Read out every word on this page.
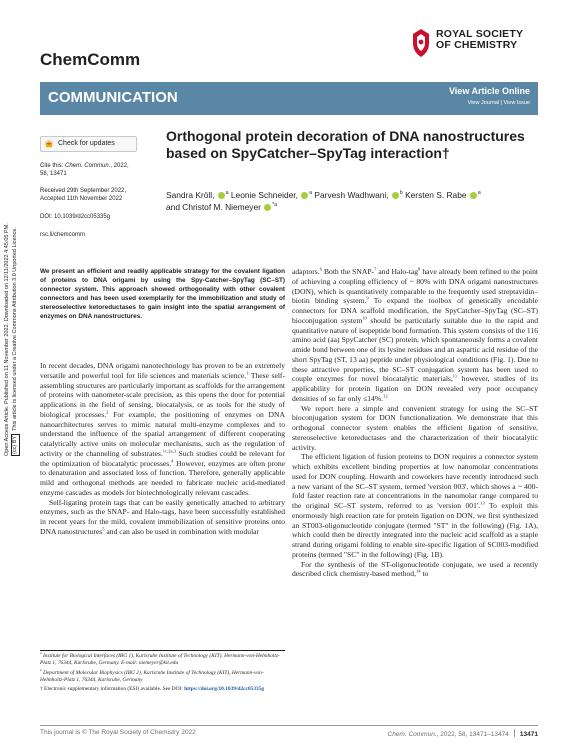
ROYAL SOCIETY
OF CHEMISTRY
ChemComm
COMMUNICATION	View Article Online
View Journal | View Issue
Open Access Article. Published on 11 November 2022. Downloaded on 12/11/2022 4:45:05 PM. (cc) BYThis article is licensed under a Creative Commons Attribution 3.0 Unported Licence.
Check for updates
Cite this: Chem. Commun., 2022,
58, 13471
Received 29th September 2022,
Accepted 11th November 2022
DOI: 10.1039/d2cc05335g
rsc.li/chemcomm
Orthogonal protein decoration of DNA nanostructures based on SpyCatcher–SpyTag interaction†
Sandra Kröll, $^a$ Leonie Schneider, $^a$ Parvesh Wadhwani, $^b$ Kersten S. Rabe $^a$
and Christof M. Niemeyer $^{*a}$
We present an efficient and readily applicable strategy for the covalent ligation of proteins to DNA origami by using the Spy-Catcher–SpyTag (SC–ST) connector system. This approach showed orthogonality with other covalent connectors and has been used exemplarily for the immobilization and study of stereoselective ketoreductases to gain insight into the spatial arrangement of enzymes on DNA nanostructures.

In recent decades, DNA origami nanotechnology has proven to be an extremely versatile and powerful tool for life sciences and materials science.$^1$ These self-assembling structures are particularly important as scaffolds for the arrangement of proteins with nanometer-scale precision, as this opens the door for potential applications in the field of sensing, biocatalysis, or as tools for the study of biological processes.$^2$ For example, the positioning of enzymes on DNA nanoarchitectures serves to mimic natural multi-enzyme complexes and to understand the influence of the spatial arrangement of different cooperating catalytically active units on molecular mechanisms, such as the regulation of activity or the channeling of substrates.$^{1c,2a,3}$ Such studies could be relevant for the optimization of biocatalytic processes.$^4$ However, enzymes are often prone to denaturation and associated loss of function. Therefore, generally applicable mild and orthogonal methods are needed to fabricate nucleic acid-mediated enzyme cascades as models for biotechnologically relevant cascades.

Self-ligating protein tags that can be easily genetically attached to arbitrary enzymes, such as the SNAP- and Halo-tags, have been successfully established in recent years for the mild, covalent immobilization of sensitive proteins onto DNA nanostructures$^5$ and can also be used in combination with modular

adaptors.$^6$ Both the SNAP-$^7$ and Halo-tag$^8$ have already been refined to the point of achieving a coupling efficiency of ~ 80% with DNA origami nanostructures (DON), which is quantitatively comparable to the frequently used streptavidin–biotin binding system.$^9$ To expand the toolbox of genetically encodable connectors for DNA scaffold modification, the SpyCatcher–SpyTag (SC–ST) bioconjugation system$^{10}$ should be particularly suitable due to the rapid and quantitative nature of isopeptide bond formation. This system consists of the 116 amino acid (aa) SpyCatcher (SC) protein, which spontaneously forms a covalent amide bond between one of its lysine residues and an aspartic acid residue of the short SpyTag (ST, 13 aa) peptide under physiological conditions (Fig. 1). Due to these attractive properties, the SC–ST conjugation system has been used to couple enzymes for novel biocatalytic materials,$^{11}$ however, studies of its applicability for protein ligation on DON revealed very poor occupancy densities of so far only ≤14%.$^{12}$

We report here a simple and convenient strategy for using the SC–ST bioconjugation system for DON functionalization. We demonstrate that this orthogonal connector system enables the efficient ligation of sensitive, stereoselective ketoreductases and the characterization of their biocatalytic activity.

The efficient ligation of fusion proteins to DON requires a connector system which exhibits excellent binding properties at low nanomolar concentrations used for DON coupling. Howarth and coworkers have recently introduced such a new variant of the SC–ST system, termed 'version 003', which shows a ~ 400-fold faster reaction rate at concentrations in the nanomolar range compared to the original SC–ST system, referred to as 'version 001'.$^{13}$ To exploit this enormously high reaction rate for protein ligation on DON, we first synthesized an ST003-oligonucleotide conjugate (termed "ST" in the following) (Fig. 1A), which could then be directly integrated into the nucleic acid scaffold as a staple strand during origami folding to enable site-specific ligation of SC003-modified proteins (termed "SC" in the following) (Fig. 1B).

For the synthesis of the ST-oligonucleotide conjugate, we used a recently described click chemistry-based method,$^{14}$ to

$^a$ Institute for Biological Interfaces (IBG 1), Karlsruhe Institute of Technology (KIT), Hermann-von-Helmholtz-Platz 1, 76344, Karlsruhe, Germany. E-mail: niemeyer@kit.edu
$^b$ Department of Molecular Biophysics (IBG 2), Karlsruhe Institute of Technology (KIT), Hermann-von-Helmholtz-Platz 1, 76344, Karlsruhe, Germany
† Electronic supplementary information (ESI) available. See DOI: https://doi.org/10.1039/d2cc05335g
This journal is © The Royal Society of Chemistry 2022	Chem. Commun., 2022, 58, 13471–13474 13471
